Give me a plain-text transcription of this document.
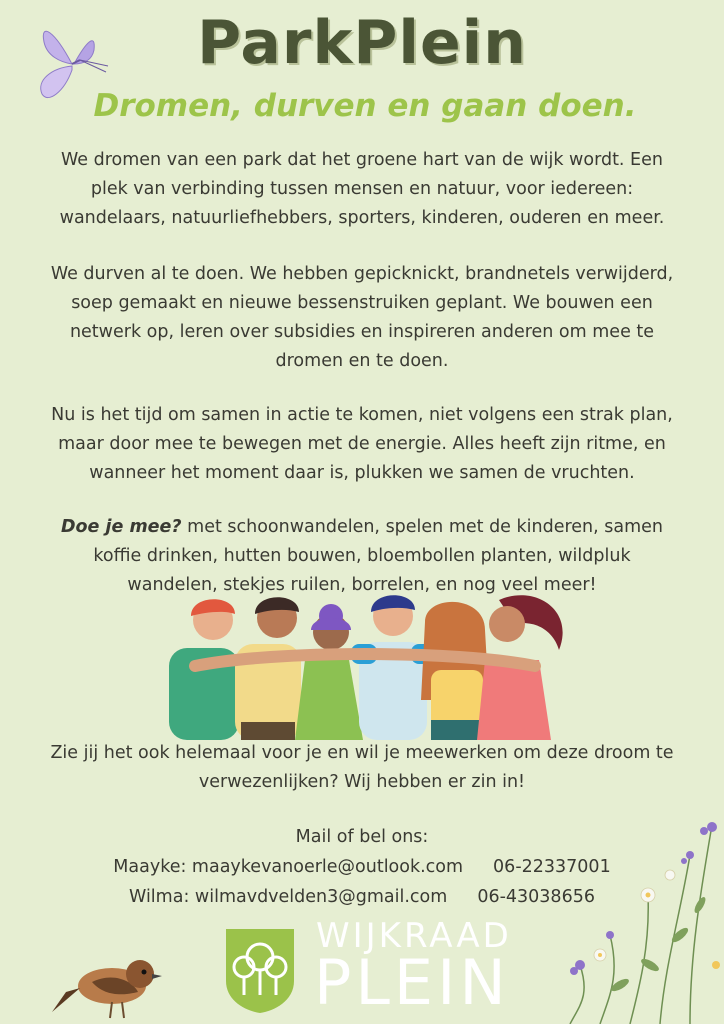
ParkPlein
Dromen, durven en gaan doen.
We dromen van een park dat het groene hart van de wijk wordt. Een
plek van verbinding tussen mensen en natuur, voor iedereen:
wandelaars, natuurliefhebbers, sporters, kinderen, ouderen en meer.
We durven al te doen. We hebben gepicknickt, brandnetels verwijderd,
soep gemaakt en nieuwe bessenstruiken geplant. We bouwen een
netwerk op, leren over subsidies en inspireren anderen om mee te
dromen en te doen.
Nu is het tijd om samen in actie te komen, niet volgens een strak plan,
maar door mee te bewegen met de energie. Alles heeft zijn ritme, en
wanneer het moment daar is, plukken we samen de vruchten.
Doe je mee? met schoonwandelen, spelen met de kinderen, samen
koffie drinken, hutten bouwen, bloembollen planten, wildpluk
wandelen, stekjes ruilen, borrelen, en nog veel meer!
Zie jij het ook helemaal voor je en wil je meewerken om deze droom te
verwezenlijken? Wij hebben er zin in!
Mail of bel ons:
Maayke: maaykevanoerle@outlook.com 06-22337001
Wilma: wilmavdvelden3@gmail.com 06-43038656
WIJKRAAD
PLEIN
